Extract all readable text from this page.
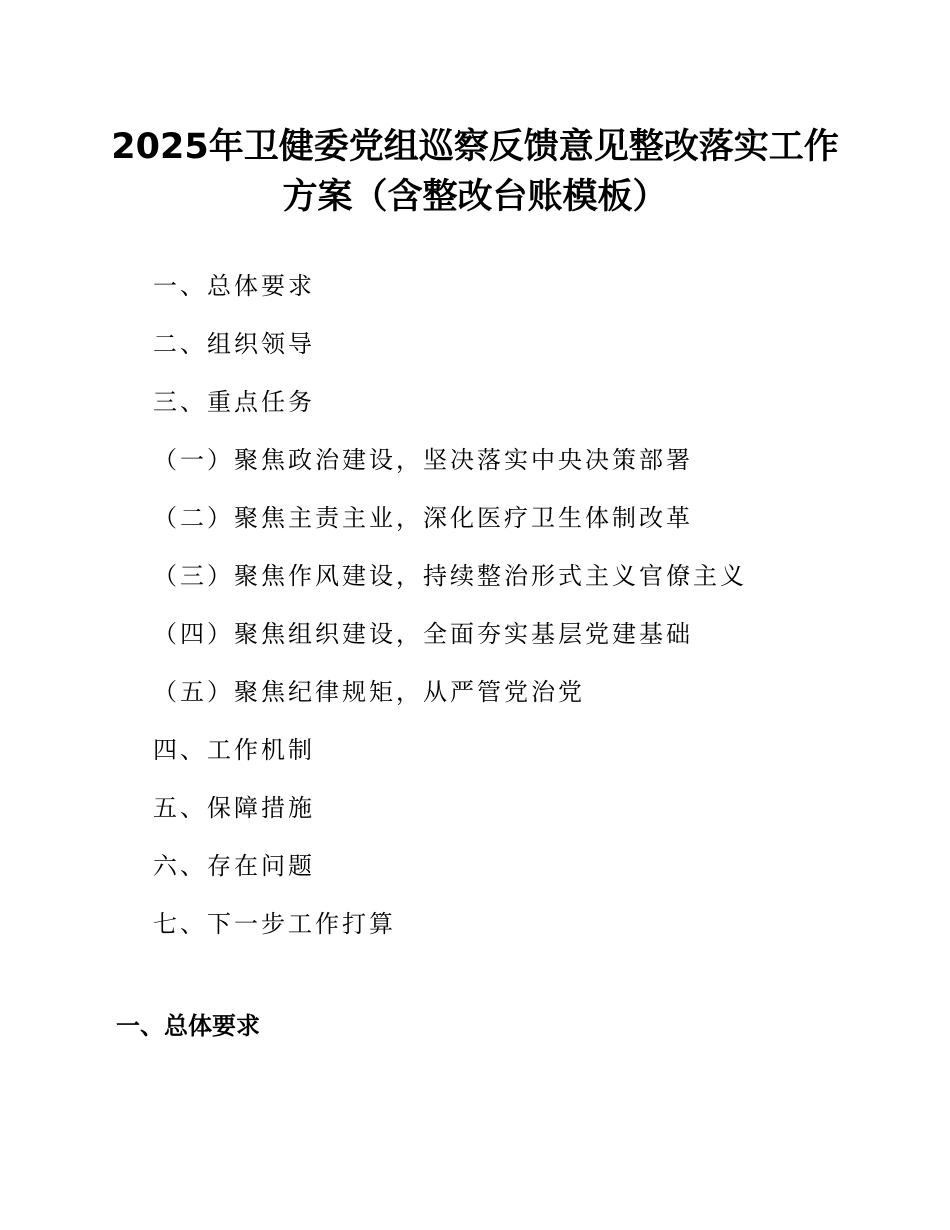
2025年卫健委党组巡察反馈意见整改落实工作
方案（含整改台账模板）
一、总体要求
二、组织领导
三、重点任务
（一）聚焦政治建设，坚决落实中央决策部署
（二）聚焦主责主业，深化医疗卫生体制改革
（三）聚焦作风建设，持续整治形式主义官僚主义
（四）聚焦组织建设，全面夯实基层党建基础
（五）聚焦纪律规矩，从严管党治党
四、工作机制
五、保障措施
六、存在问题
七、下一步工作打算
一、总体要求
